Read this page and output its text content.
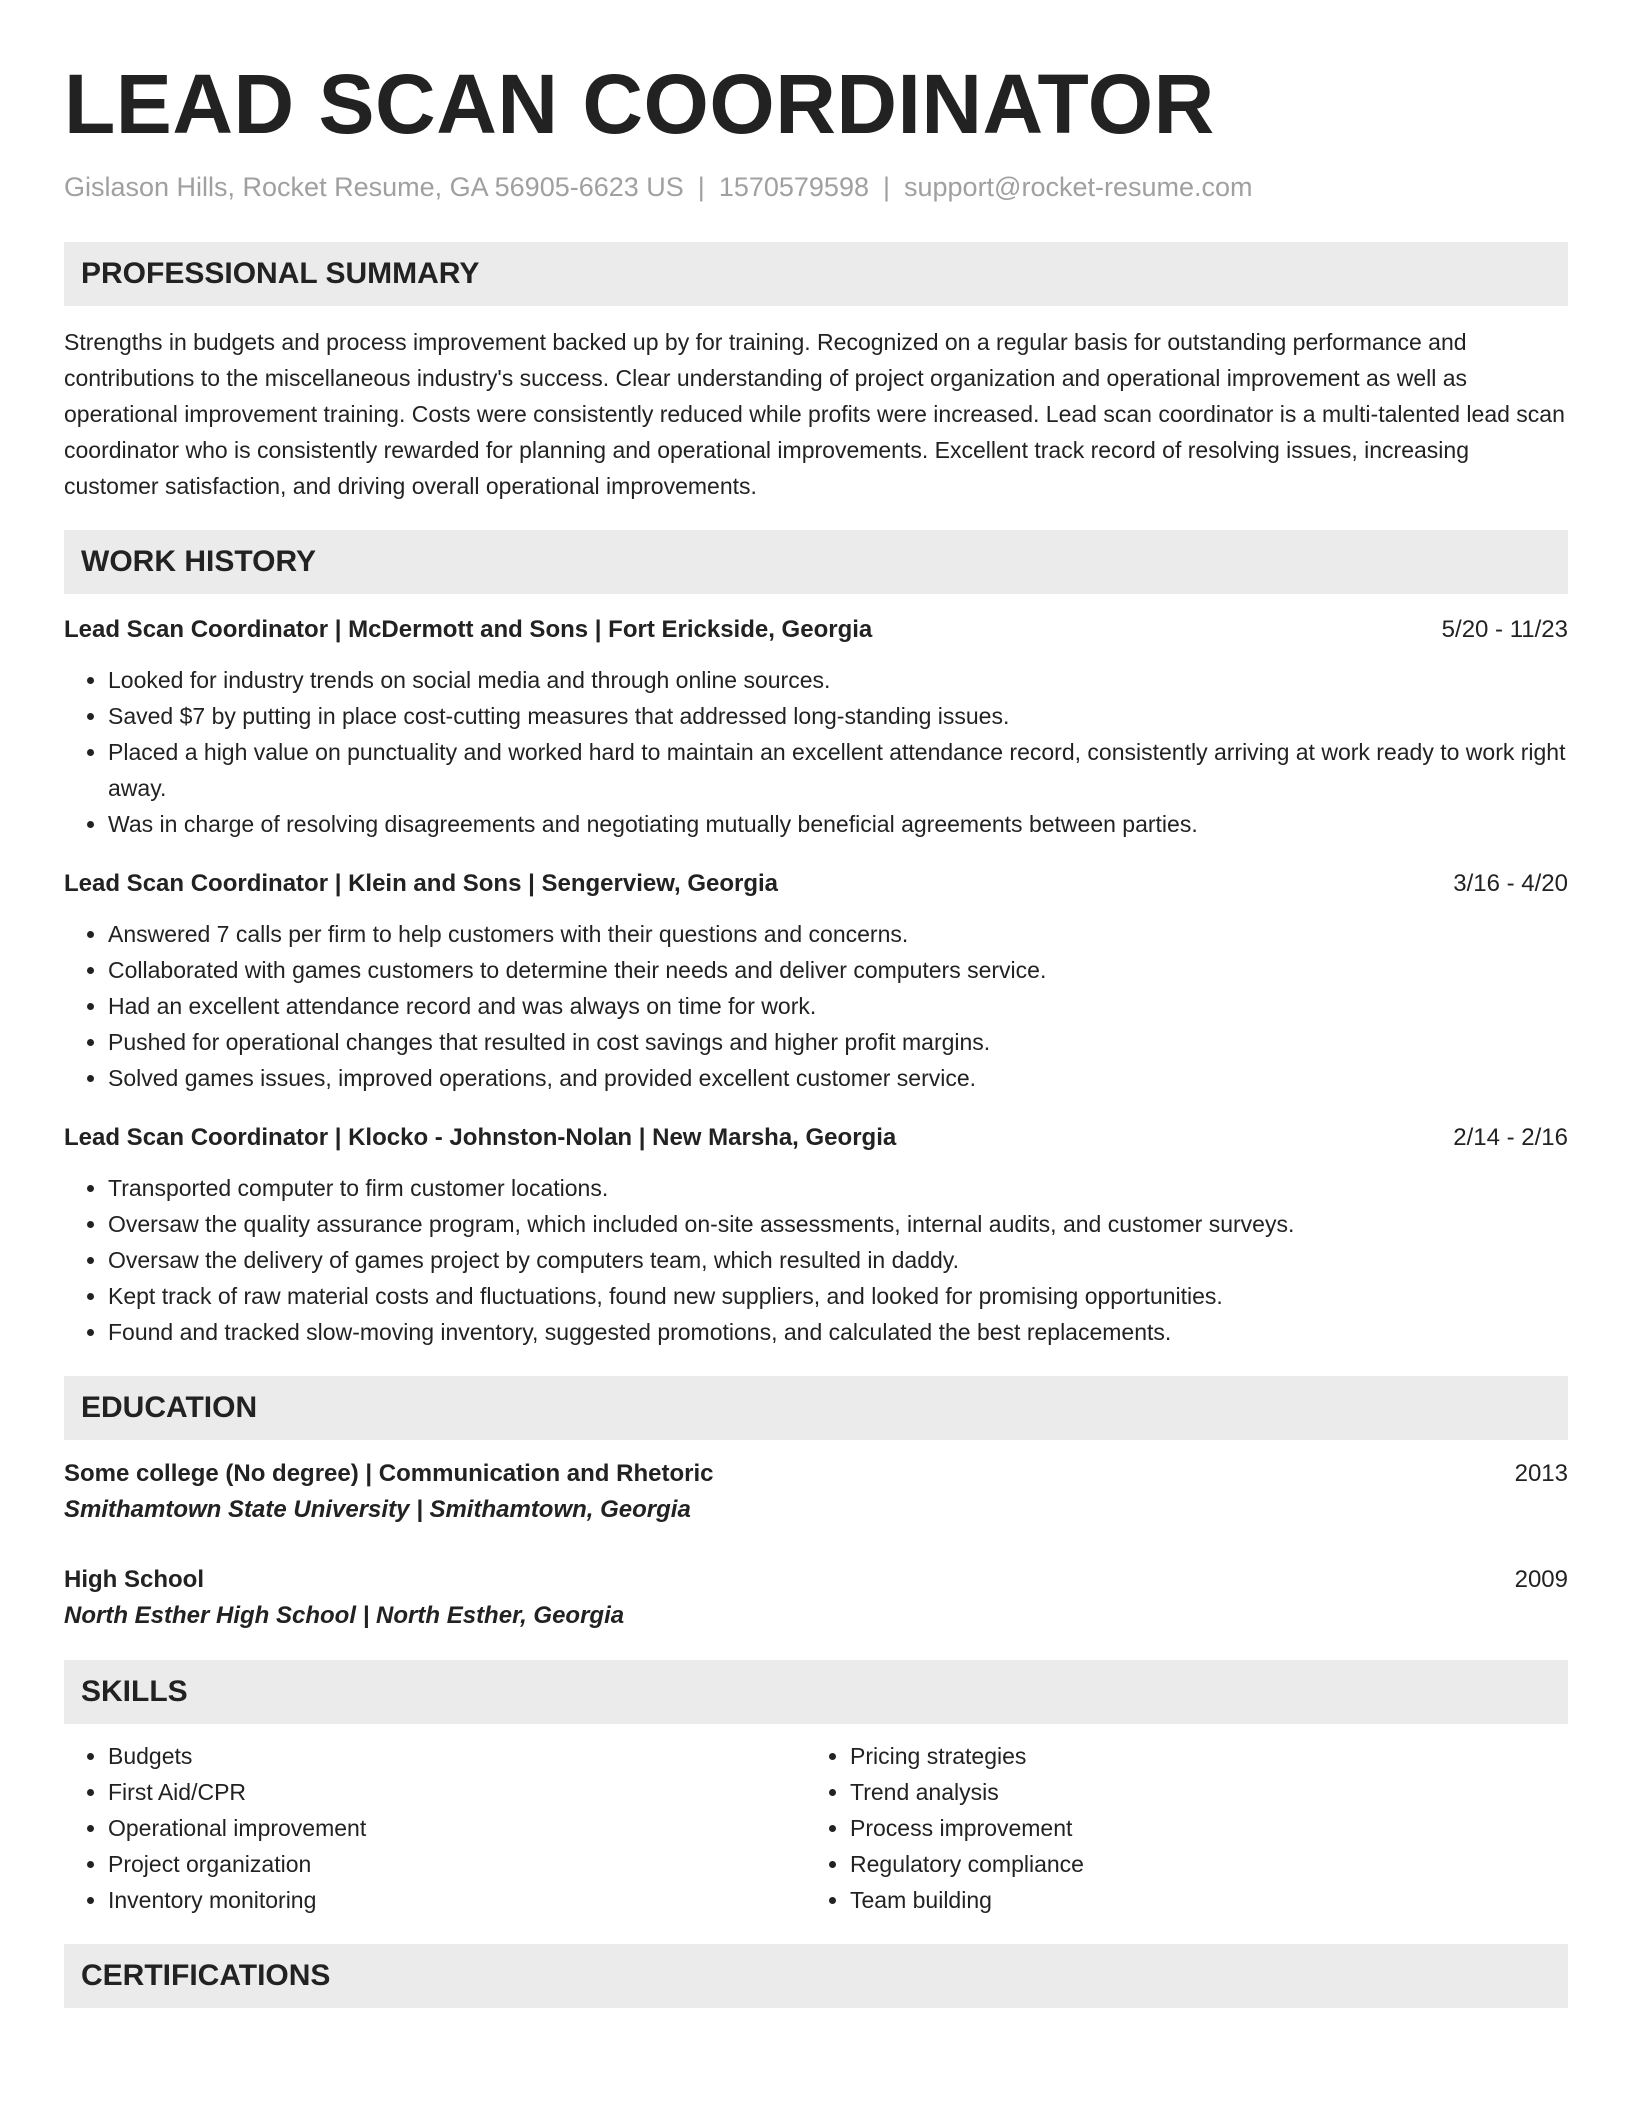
LEAD SCAN COORDINATOR
Gislason Hills, Rocket Resume, GA 56905-6623 US | 1570579598 | support@rocket-resume.com
PROFESSIONAL SUMMARY

Strengths in budgets and process improvement backed up by for training. Recognized on a regular basis for outstanding performance and contributions to the miscellaneous industry's success. Clear understanding of project organization and operational improvement as well as operational improvement training. Costs were consistently reduced while profits were increased. Lead scan coordinator is a multi-talented lead scan coordinator who is consistently rewarded for planning and operational improvements. Excellent track record of resolving issues, increasing customer satisfaction, and driving overall operational improvements.

WORK HISTORY
Lead Scan Coordinator | McDermott and Sons | Fort Erickside, Georgia	5/20 - 11/23
• Looked for industry trends on social media and through online sources.
• Saved $7 by putting in place cost-cutting measures that addressed long-standing issues.
• Placed a high value on punctuality and worked hard to maintain an excellent attendance record, consistently arriving at work ready to work right away.
• Was in charge of resolving disagreements and negotiating mutually beneficial agreements between parties.
Lead Scan Coordinator | Klein and Sons | Sengerview, Georgia	3/16 - 4/20
• Answered 7 calls per firm to help customers with their questions and concerns.
• Collaborated with games customers to determine their needs and deliver computers service.
• Had an excellent attendance record and was always on time for work.
• Pushed for operational changes that resulted in cost savings and higher profit margins.
• Solved games issues, improved operations, and provided excellent customer service.
Lead Scan Coordinator | Klocko - Johnston-Nolan | New Marsha, Georgia	2/14 - 2/16
• Transported computer to firm customer locations.
• Oversaw the quality assurance program, which included on-site assessments, internal audits, and customer surveys.
• Oversaw the delivery of games project by computers team, which resulted in daddy.
• Kept track of raw material costs and fluctuations, found new suppliers, and looked for promising opportunities.
• Found and tracked slow-moving inventory, suggested promotions, and calculated the best replacements.
EDUCATION
Some college (No degree) | Communication and Rhetoric	2013
Smithamtown State University | Smithamtown, Georgia
High School	2009
North Esther High School | North Esther, Georgia
SKILLS
• Budgets
• First Aid/CPR
• Operational improvement
• Project organization
• Inventory monitoring
• Pricing strategies
• Trend analysis
• Process improvement
• Regulatory compliance
• Team building
CERTIFICATIONS
